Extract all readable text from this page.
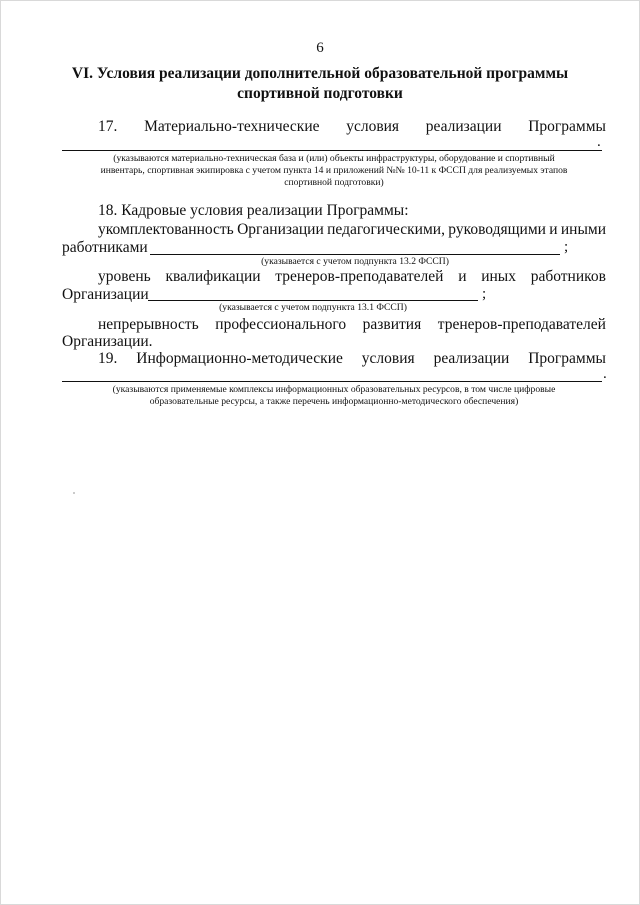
6
VI. Условия реализации дополнительной образовательной программы
спортивной подготовки
17. Материально-технические условия реализации Программы
.
(указываются материально-техническая база и (или) объекты инфраструктуры, оборудование и спортивный
инвентарь, спортивная экипировка с учетом пункта 14 и приложений №№ 10-11 к ФССП для реализуемых этапов
спортивной подготовки)
18. Кадровые условия реализации Программы:
укомплектованность Организации педагогическими, руководящими и иными
работниками	;
(указывается с учетом подпункта 13.2 ФССП)
уровень квалификации тренеров-преподавателей и иных работников
Организации	;
(указывается с учетом подпункта 13.1 ФССП)
непрерывность профессионального развития тренеров-преподавателей
Организации.
19. Информационно-методические условия реализации Программы
.
(указываются применяемые комплексы информационных образовательных ресурсов, в том числе цифровые
образовательные ресурсы, а также перечень информационно-методического обеспечения)
